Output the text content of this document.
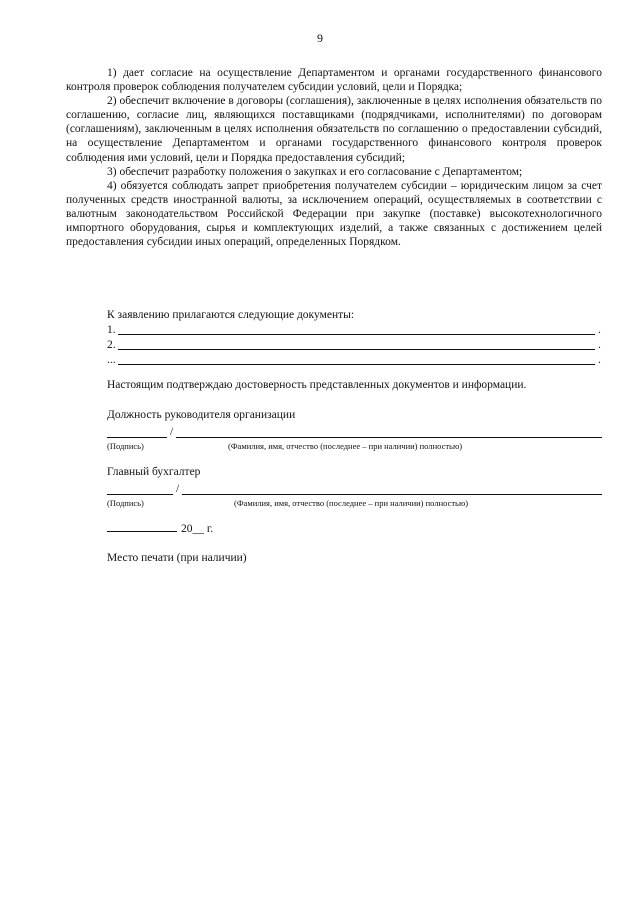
9

1) дает согласие на осуществление Департаментом и органами государственного финансового контроля проверок соблюдения получателем субсидии условий, цели и Порядка;

2) обеспечит включение в договоры (соглашения), заключенные в целях исполнения обязательств по соглашению, согласие лиц, являющихся поставщиками (подрядчиками, исполнителями) по договорам (соглашениям), заключенным в целях исполнения обязательств по соглашению о предоставлении субсидий, на осуществление Департаментом и органами государственного финансового контроля проверок соблюдения ими условий, цели и Порядка предоставления субсидий;

3) обеспечит разработку положения о закупках и его согласование с Департаментом;

4) обязуется соблюдать запрет приобретения получателем субсидии – юридическим лицом за счет полученных средств иностранной валюты, за исключением операций, осуществляемых в соответствии с валютным законодательством Российской Федерации при закупке (поставке) высокотехнологичного импортного оборудования, сырья и комплектующих изделий, а также связанных с достижением целей предоставления субсидии иных операций, определенных Порядком.

К заявлению прилагаются следующие документы:
1.	.
2.	.
...	.
Настоящим подтверждаю достоверность представленных документов и информации.
Должность руководителя организации
/
(Подпись)	(Фамилия, имя, отчество (последнее – при наличии) полностью)
Главный бухгалтер
/
(Подпись)	(Фамилия, имя, отчество (последнее – при наличии) полностью)
20__ г.
Место печати (при наличии)
